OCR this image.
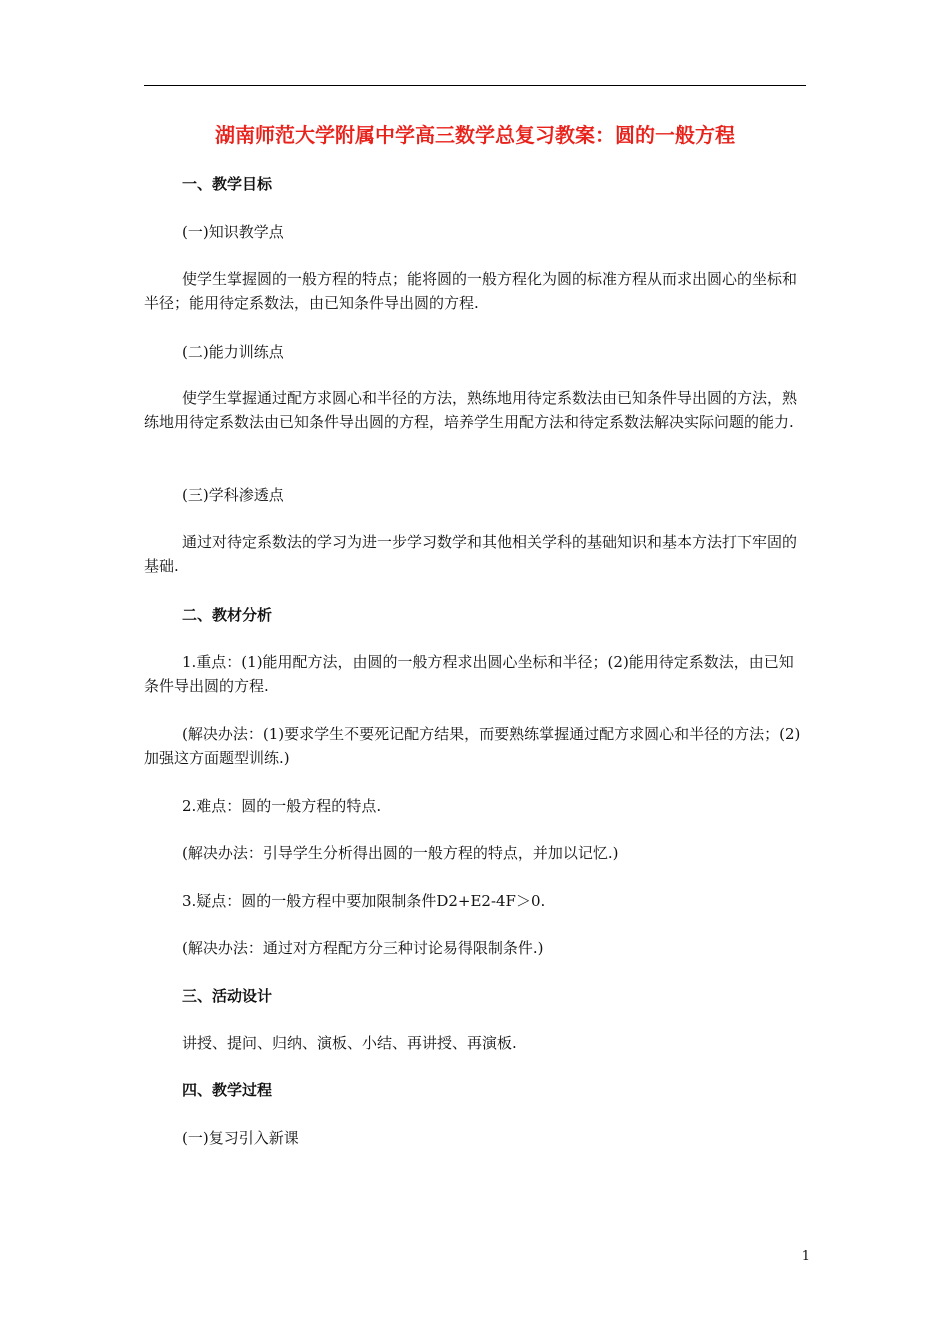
湖南师范大学附属中学高三数学总复习教案：圆的一般方程
一、教学目标
(一)知识教学点
使学生掌握圆的一般方程的特点；能将圆的一般方程化为圆的标准方程从而求出圆心的坐标和半径；能用待定系数法，由已知条件导出圆的方程.
(二)能力训练点
使学生掌握通过配方求圆心和半径的方法，熟练地用待定系数法由已知条件导出圆的方法，熟练地用待定系数法由已知条件导出圆的方程，培养学生用配方法和待定系数法解决实际问题的能力.
(三)学科渗透点
通过对待定系数法的学习为进一步学习数学和其他相关学科的基础知识和基本方法打下牢固的基础.
二、教材分析
1.重点：(1)能用配方法，由圆的一般方程求出圆心坐标和半径；(2)能用待定系数法，由已知条件导出圆的方程.
(解决办法：(1)要求学生不要死记配方结果，而要熟练掌握通过配方求圆心和半径的方法；(2)加强这方面题型训练.)
2.难点：圆的一般方程的特点.
(解决办法：引导学生分析得出圆的一般方程的特点，并加以记忆.)
3.疑点：圆的一般方程中要加限制条件D2+E2-4F＞0.
(解决办法：通过对方程配方分三种讨论易得限制条件.)
三、活动设计
讲授、提问、归纳、演板、小结、再讲授、再演板.
四、教学过程
(一)复习引入新课
1
